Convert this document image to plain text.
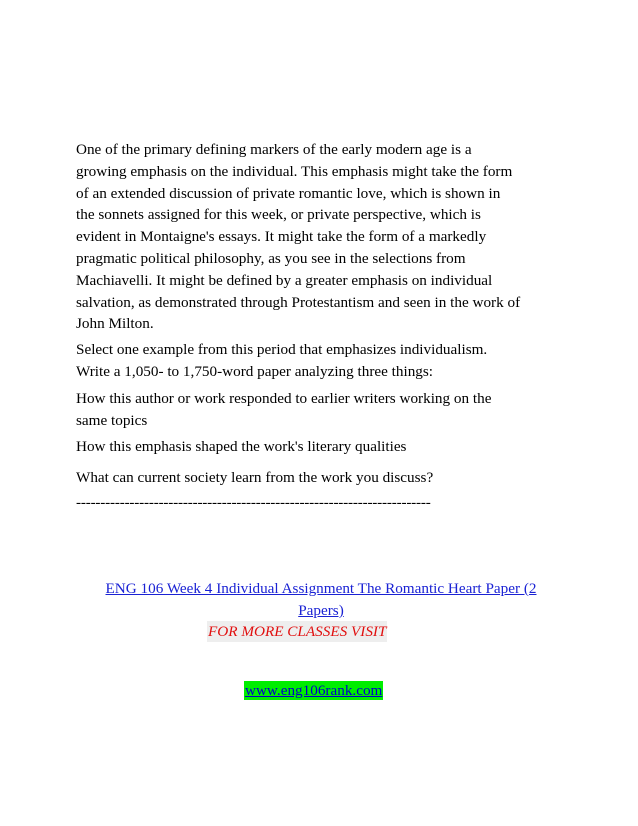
One of the primary defining markers of the early modern age is a
growing emphasis on the individual. This emphasis might take the form
of an extended discussion of private romantic love, which is shown in
the sonnets assigned for this week, or private perspective, which is
evident in Montaigne's essays. It might take the form of a markedly
pragmatic political philosophy, as you see in the selections from
Machiavelli. It might be defined by a greater emphasis on individual
salvation, as demonstrated through Protestantism and seen in the work of
John Milton.

Select one example from this period that emphasizes individualism.
Write a 1,050- to 1,750-word paper analyzing three things:

How this author or work responded to earlier writers working on the
same topics

How this emphasis shaped the work's literary qualities

What can current society learn from the work you discuss?

-------------------------------------------------------------------------

ENG 106 Week 4 Individual Assignment The Romantic Heart Paper (2
Papers)
FOR MORE CLASSES VISIT
www.eng106rank.com
